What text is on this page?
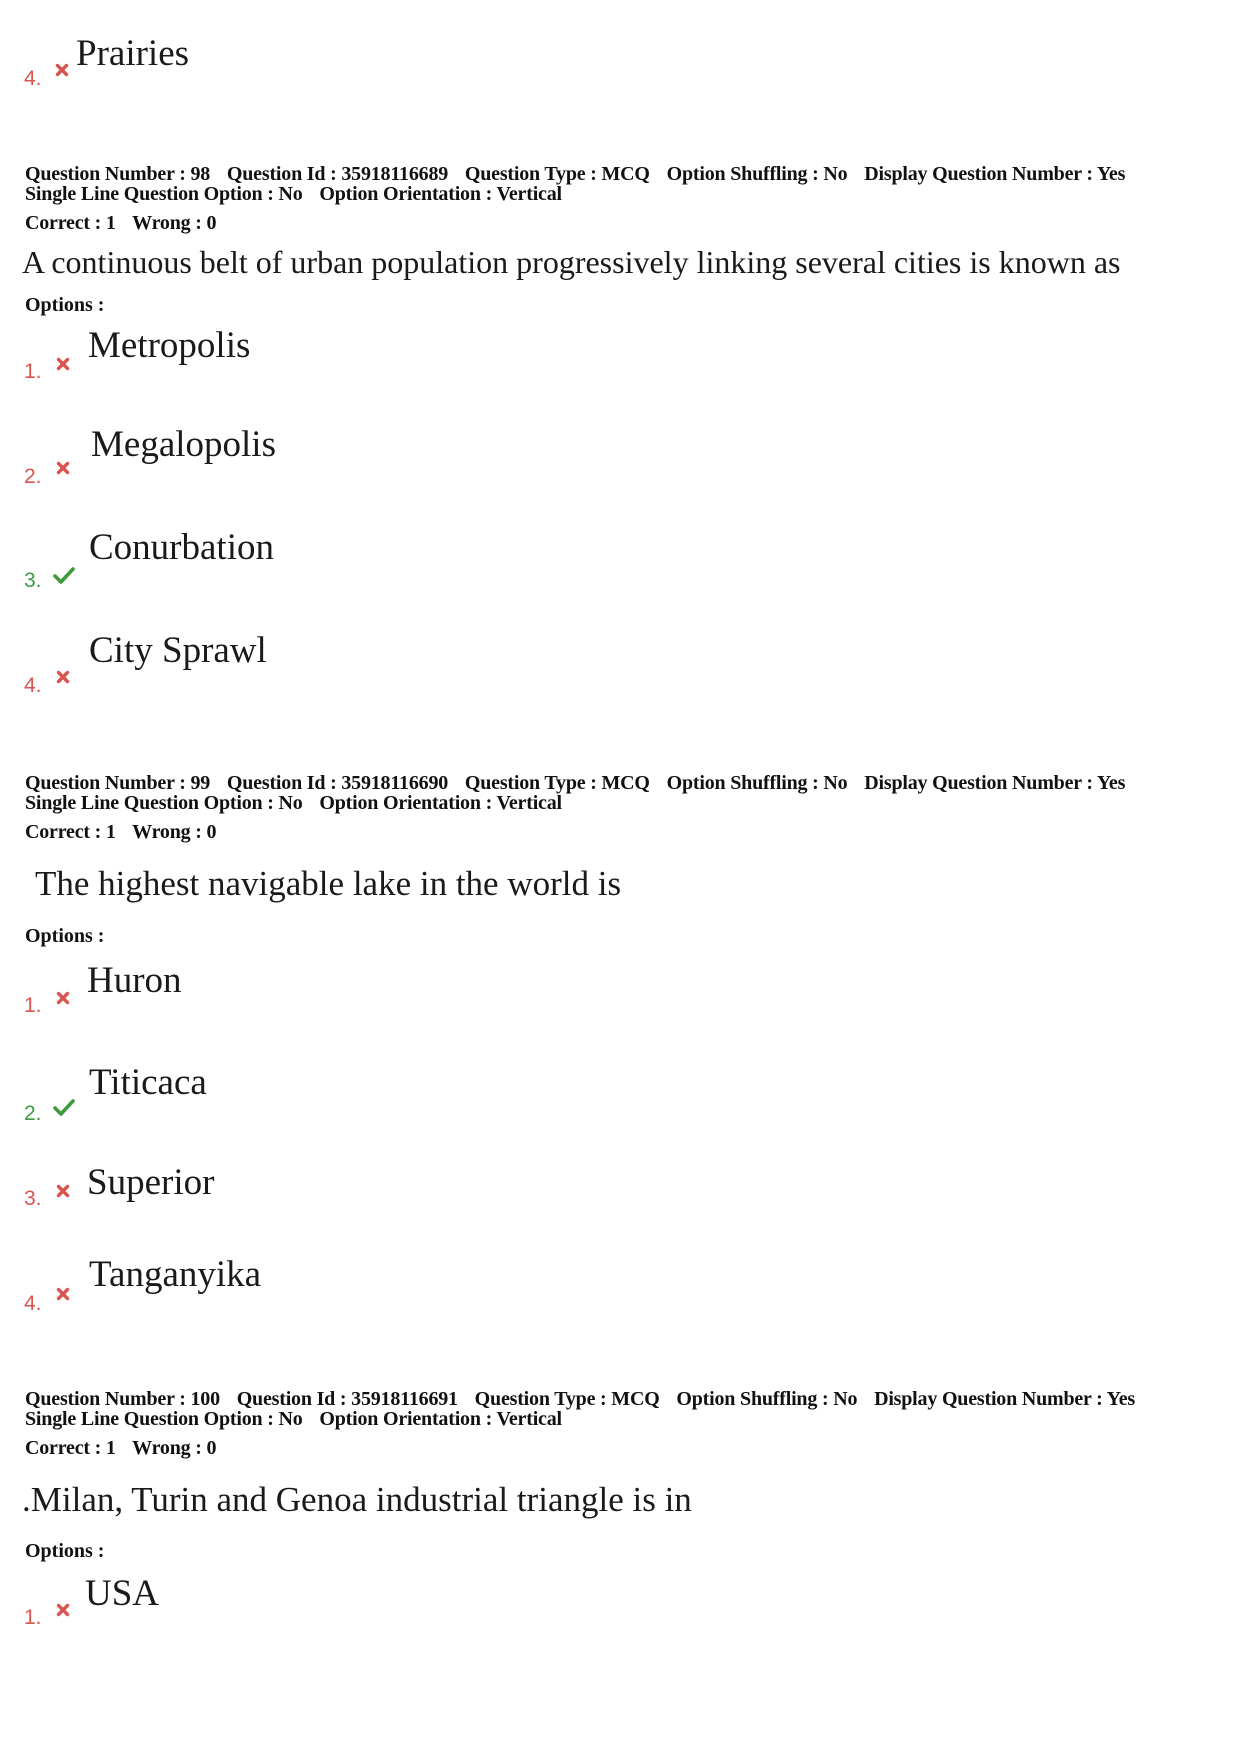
4.
Prairies
Question Number : 98 Question Id : 35918116689 Question Type : MCQ Option Shuffling : No Display Question Number : Yes
Single Line Question Option : No Option Orientation : Vertical
Correct : 1 Wrong : 0
A continuous belt of urban population progressively linking several cities is known as
Options :
1.
Metropolis
2.
Megalopolis
3.
Conurbation
4.
City Sprawl
Question Number : 99 Question Id : 35918116690 Question Type : MCQ Option Shuffling : No Display Question Number : Yes
Single Line Question Option : No Option Orientation : Vertical
Correct : 1 Wrong : 0
The highest navigable lake in the world is
Options :
1.
Huron
2.
Titicaca
3. Superior
4.
Tanganyika
Question Number : 100 Question Id : 35918116691 Question Type : MCQ Option Shuffling : No Display Question Number : Yes
Single Line Question Option : No Option Orientation : Vertical
Correct : 1 Wrong : 0
.Milan, Turin and Genoa industrial triangle is in
Options :
1.
USA
